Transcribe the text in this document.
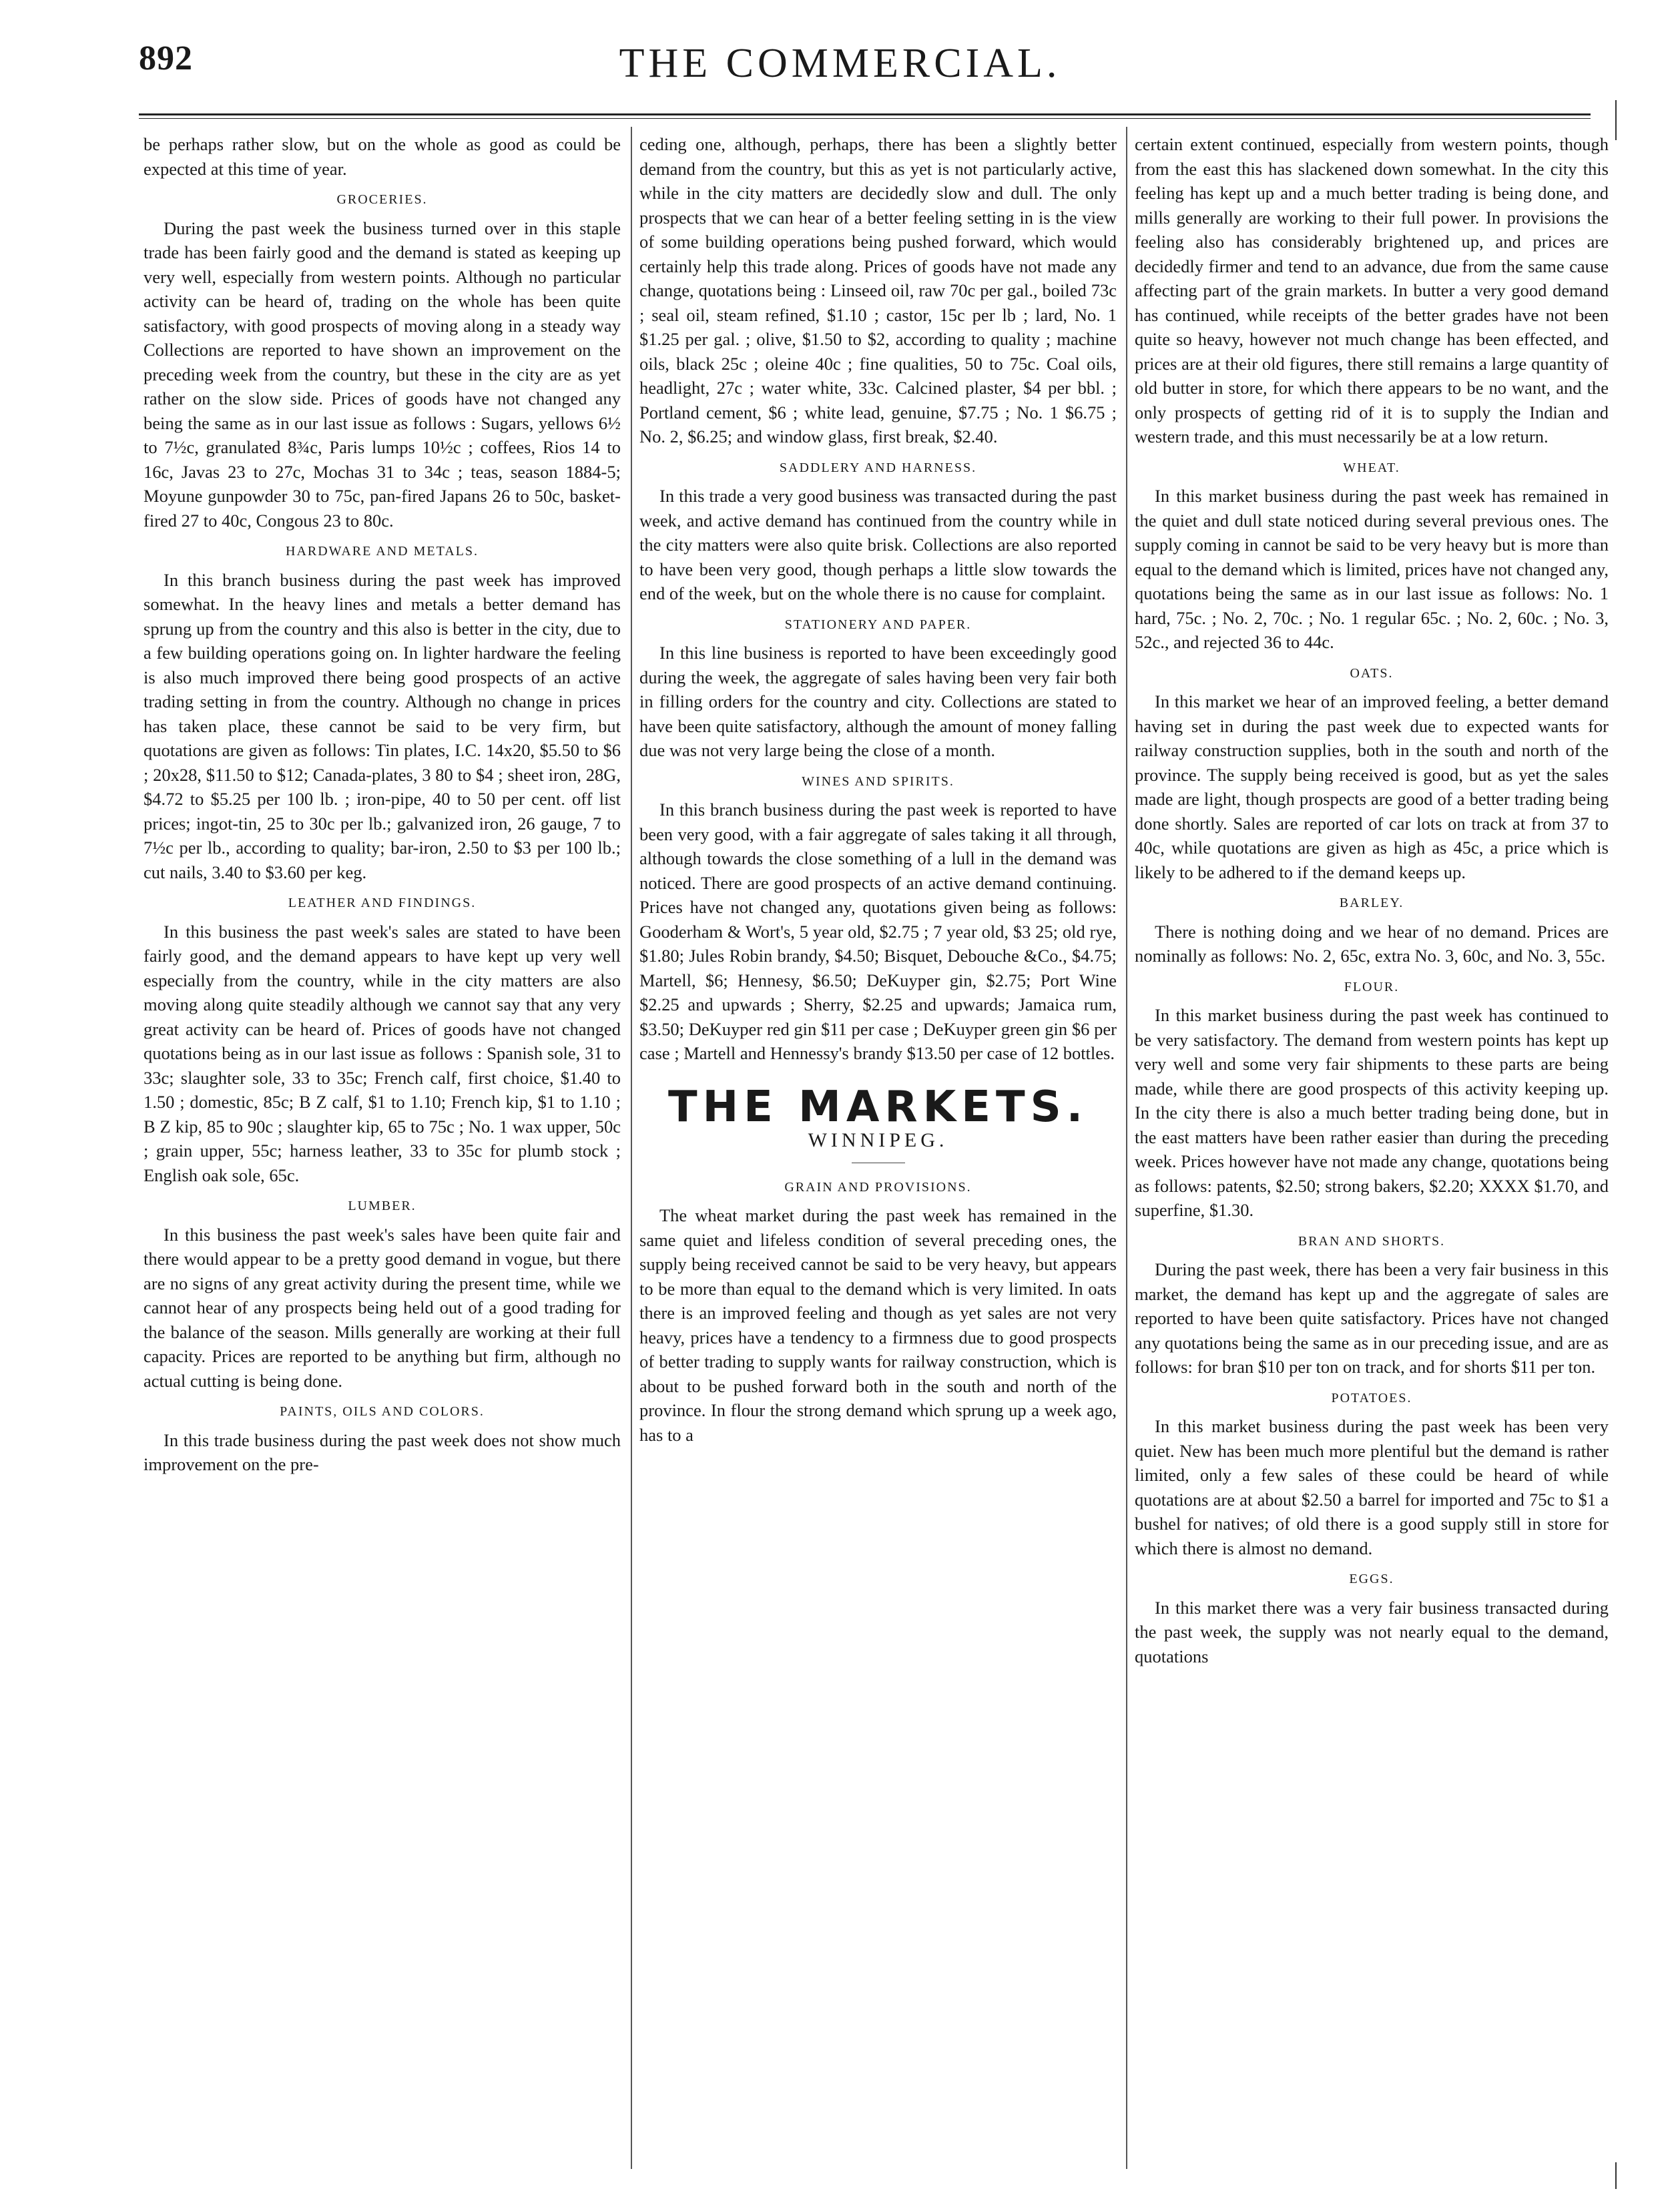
892	THE COMMERCIAL.

be perhaps rather slow, but on the whole as good as could be expected at this time of year.

GROCERIES.

During the past week the business turned over in this staple trade has been fairly good and the demand is stated as keeping up very well, especially from western points. Although no particular activity can be heard of, trading on the whole has been quite satisfactory, with good prospects of moving along in a steady way Collections are reported to have shown an improvement on the preceding week from the country, but these in the city are as yet rather on the slow side. Prices of goods have not changed any being the same as in our last issue as follows : Sugars, yellows 6½ to 7½c, granulated 8¾c, Paris lumps 10½c ; coffees, Rios 14 to 16c, Javas 23 to 27c, Mochas 31 to 34c ; teas, season 1884-5; Moyune gunpowder 30 to 75c, pan-fired Japans 26 to 50c, basket-fired 27 to 40c, Congous 23 to 80c.

HARDWARE AND METALS.

In this branch business during the past week has improved somewhat. In the heavy lines and metals a better demand has sprung up from the country and this also is better in the city, due to a few building operations going on. In lighter hardware the feeling is also much improved there being good prospects of an active trading setting in from the country. Although no change in prices has taken place, these cannot be said to be very firm, but quotations are given as follows: Tin plates, I.C. 14x20, $5.50 to $6 ; 20x28, $11.50 to $12; Canada-plates, 3 80 to $4 ; sheet iron, 28G, $4.72 to $5.25 per 100 lb. ; iron-pipe, 40 to 50 per cent. off list prices; ingot-tin, 25 to 30c per lb.; galvanized iron, 26 gauge, 7 to 7½c per lb., according to quality; bar-iron, 2.50 to $3 per 100 lb.; cut nails, 3.40 to $3.60 per keg.

LEATHER AND FINDINGS.

In this business the past week's sales are stated to have been fairly good, and the demand appears to have kept up very well especially from the country, while in the city matters are also moving along quite steadily although we cannot say that any very great activity can be heard of. Prices of goods have not changed quotations being as in our last issue as follows : Spanish sole, 31 to 33c; slaughter sole, 33 to 35c; French calf, first choice, $1.40 to 1.50 ; domestic, 85c; B Z calf, $1 to 1.10; French kip, $1 to 1.10 ; B Z kip, 85 to 90c ; slaughter kip, 65 to 75c ; No. 1 wax upper, 50c ; grain upper, 55c; harness leather, 33 to 35c for plumb stock ; English oak sole, 65c.

LUMBER.

In this business the past week's sales have been quite fair and there would appear to be a pretty good demand in vogue, but there are no signs of any great activity during the present time, while we cannot hear of any prospects being held out of a good trading for the balance of the season. Mills generally are working at their full capacity. Prices are reported to be anything but firm, although no actual cutting is being done.

PAINTS, OILS AND COLORS.

In this trade business during the past week does not show much improvement on the pre-

ceding one, although, perhaps, there has been a slightly better demand from the country, but this as yet is not particularly active, while in the city matters are decidedly slow and dull. The only prospects that we can hear of a better feeling setting in is the view of some building operations being pushed forward, which would certainly help this trade along. Prices of goods have not made any change, quotations being : Linseed oil, raw 70c per gal., boiled 73c ; seal oil, steam refined, $1.10 ; castor, 15c per lb ; lard, No. 1 $1.25 per gal. ; olive, $1.50 to $2, according to quality ; machine oils, black 25c ; oleine 40c ; fine qualities, 50 to 75c. Coal oils, headlight, 27c ; water white, 33c. Calcined plaster, $4 per bbl. ; Portland cement, $6 ; white lead, genuine, $7.75 ; No. 1 $6.75 ; No. 2, $6.25; and window glass, first break, $2.40.

SADDLERY AND HARNESS.

In this trade a very good business was transacted during the past week, and active demand has continued from the country while in the city matters were also quite brisk. Collections are also reported to have been very good, though perhaps a little slow towards the end of the week, but on the whole there is no cause for complaint.

STATIONERY AND PAPER.

In this line business is reported to have been exceedingly good during the week, the aggregate of sales having been very fair both in filling orders for the country and city. Collections are stated to have been quite satisfactory, although the amount of money falling due was not very large being the close of a month.

WINES AND SPIRITS.

In this branch business during the past week is reported to have been very good, with a fair aggregate of sales taking it all through, although towards the close something of a lull in the demand was noticed. There are good prospects of an active demand continuing. Prices have not changed any, quotations given being as follows: Gooderham & Wort's, 5 year old, $2.75 ; 7 year old, $3 25; old rye, $1.80; Jules Robin brandy, $4.50; Bisquet, Debouche &Co., $4.75; Martell, $6; Hennesy, $6.50; DeKuyper gin, $2.75; Port Wine $2.25 and upwards ; Sherry, $2.25 and upwards; Jamaica rum, $3.50; DeKuyper red gin $11 per case ; DeKuyper green gin $6 per case ; Martell and Hennessy's brandy $13.50 per case of 12 bottles.

THE MARKETS.
WINNIPEG.
GRAIN AND PROVISIONS.

The wheat market during the past week has remained in the same quiet and lifeless condition of several preceding ones, the supply being received cannot be said to be very heavy, but appears to be more than equal to the demand which is very limited. In oats there is an improved feeling and though as yet sales are not very heavy, prices have a tendency to a firmness due to good prospects of better trading to supply wants for railway construction, which is about to be pushed forward both in the south and north of the province. In flour the strong demand which sprung up a week ago, has to a

certain extent continued, especially from western points, though from the east this has slackened down somewhat. In the city this feeling has kept up and a much better trading is being done, and mills generally are working to their full power. In provisions the feeling also has considerably brightened up, and prices are decidedly firmer and tend to an advance, due from the same cause affecting part of the grain markets. In butter a very good demand has continued, while receipts of the better grades have not been quite so heavy, however not much change has been effected, and prices are at their old figures, there still remains a large quantity of old butter in store, for which there appears to be no want, and the only prospects of getting rid of it is to supply the Indian and western trade, and this must necessarily be at a low return.

WHEAT.

In this market business during the past week has remained in the quiet and dull state noticed during several previous ones. The supply coming in cannot be said to be very heavy but is more than equal to the demand which is limited, prices have not changed any, quotations being the same as in our last issue as follows: No. 1 hard, 75c. ; No. 2, 70c. ; No. 1 regular 65c. ; No. 2, 60c. ; No. 3, 52c., and rejected 36 to 44c.

OATS.

In this market we hear of an improved feeling, a better demand having set in during the past week due to expected wants for railway construction supplies, both in the south and north of the province. The supply being received is good, but as yet the sales made are light, though prospects are good of a better trading being done shortly. Sales are reported of car lots on track at from 37 to 40c, while quotations are given as high as 45c, a price which is likely to be adhered to if the demand keeps up.

BARLEY.

There is nothing doing and we hear of no demand. Prices are nominally as follows: No. 2, 65c, extra No. 3, 60c, and No. 3, 55c.

FLOUR.

In this market business during the past week has continued to be very satisfactory. The demand from western points has kept up very well and some very fair shipments to these parts are being made, while there are good prospects of this activity keeping up. In the city there is also a much better trading being done, but in the east matters have been rather easier than during the preceding week. Prices however have not made any change, quotations being as follows: patents, $2.50; strong bakers, $2.20; XXXX $1.70, and superfine, $1.30.

BRAN AND SHORTS.

During the past week, there has been a very fair business in this market, the demand has kept up and the aggregate of sales are reported to have been quite satisfactory. Prices have not changed any quotations being the same as in our preceding issue, and are as follows: for bran $10 per ton on track, and for shorts $11 per ton.

POTATOES.

In this market business during the past week has been very quiet. New has been much more plentiful but the demand is rather limited, only a few sales of these could be heard of while quotations are at about $2.50 a barrel for imported and 75c to $1 a bushel for natives; of old there is a good supply still in store for which there is almost no demand.

EGGS.

In this market there was a very fair business transacted during the past week, the supply was not nearly equal to the demand, quotations
